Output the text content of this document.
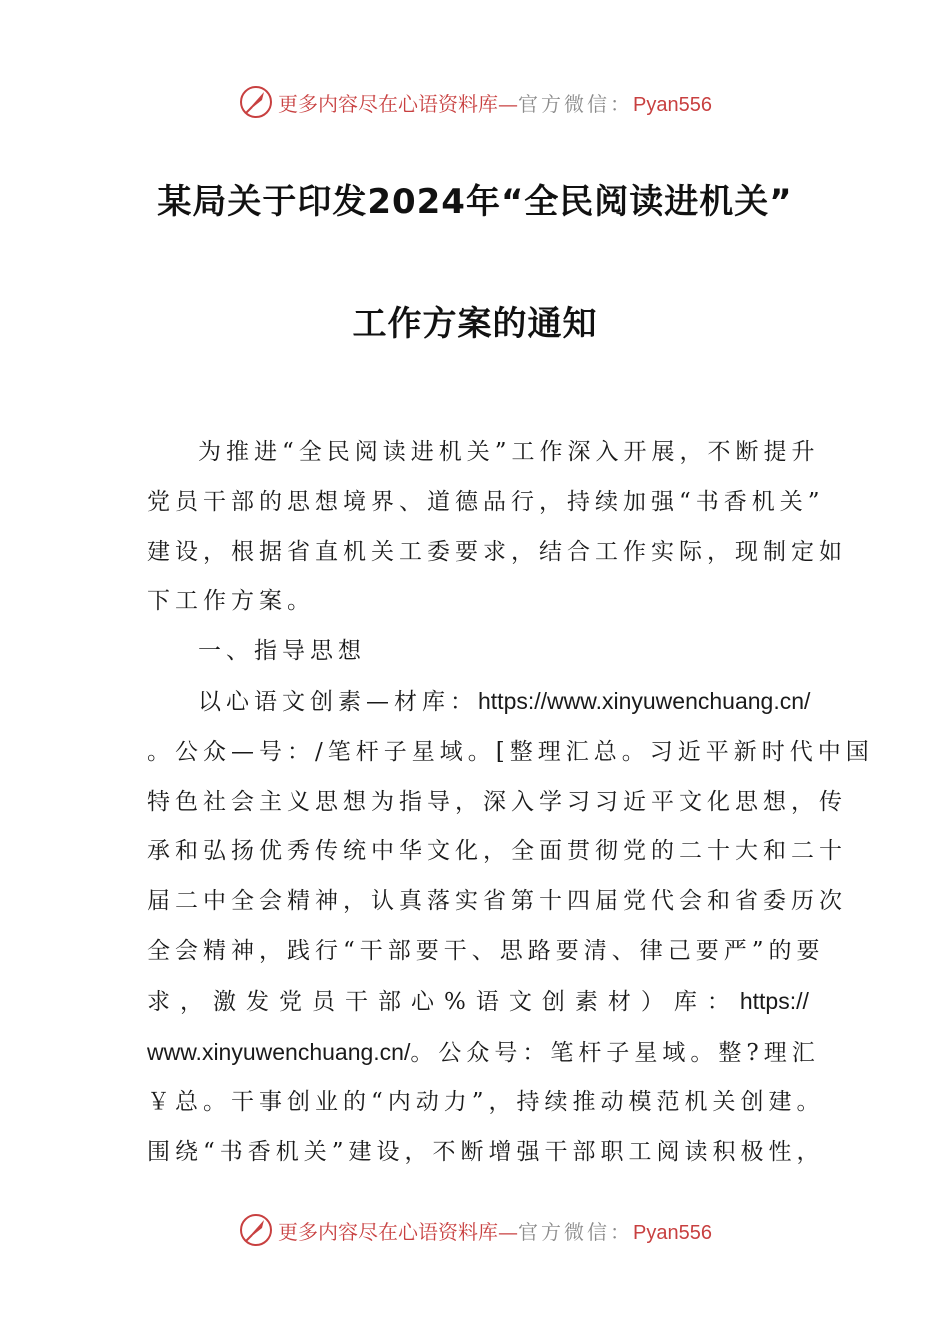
更多内容尽在心语资料库—官方微信：Pyan556
某局关于印发2024年“全民阅读进机关”
工作方案的通知
为推进“全民阅读进机关”工作深入开展，不断提升
党员干部的思想境界、道德品行，持续加强“书香机关”
建设，根据省直机关工委要求，结合工作实际，现制定如
下工作方案。
一、指导思想
以心语文创素—材库：https://www.xinyuwenchuang.cn/
。公众—号：/笔杆子星域。[整理汇总。习近平新时代中国
特色社会主义思想为指导，深入学习习近平文化思想，传
承和弘扬优秀传统中华文化，全面贯彻党的二十大和二十
届二中全会精神，认真落实省第十四届党代会和省委历次
全会精神，践行“干部要干、思路要清、律己要严”的要
求，激发党员干部心%语文创素材）库：https://
www.xinyuwenchuang.cn/。公众号：笔杆子星域。整?理汇
￥总。干事创业的“内动力”，持续推动模范机关创建。
围绕“书香机关”建设，不断增强干部职工阅读积极性，
更多内容尽在心语资料库—官方微信：Pyan556
